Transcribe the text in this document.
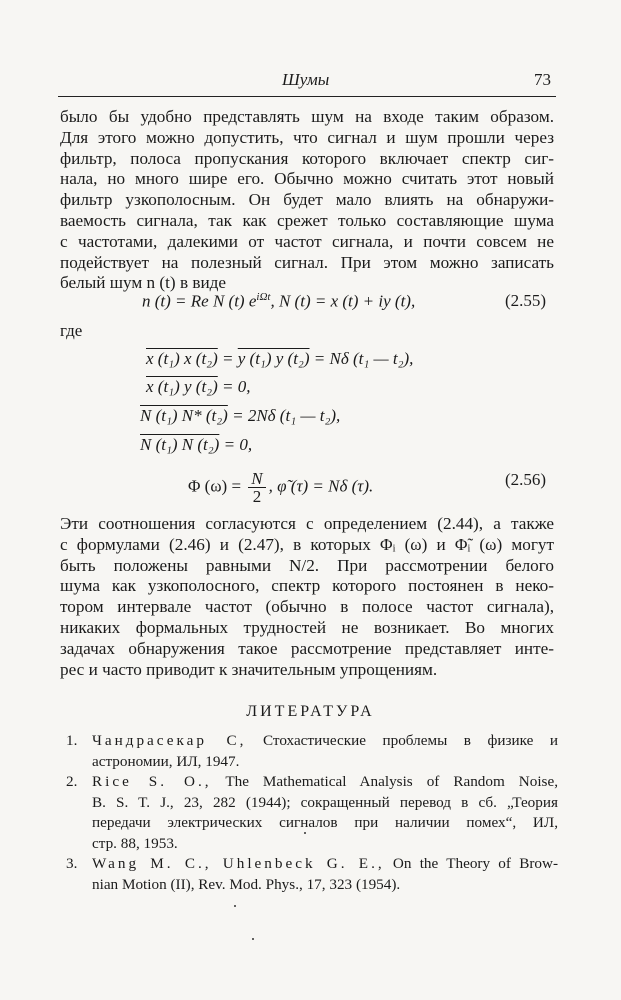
Шумы	73
было бы удобно представлять шум на входе таким образом.
Для этого можно допустить, что сигнал и шум прошли через
фильтр, полоса пропускания которого включает спектр сиг-
нала, но много шире его. Обычно можно считать этот новый
фильтр узкополосным. Он будет мало влиять на обнаружи-
ваемость сигнала, так как срежет только составляющие шума
с частотами, далекими от частот сигнала, и почти совсем не
подействует на полезный сигнал. При этом можно записать
белый шум n (t) в виде
n (t) = Re N (t) $e^{i\Omega t}$, N (t) = x (t) + iy (t),	(2.55)
где
x (t₁) x (t₂) = y (t₁) y (t₂) = Nδ (t₁ — t₂),
x (t₁) y (t₂) = 0,
N (t₁) N* (t₂) = 2Nδ (t₁ — t₂),
N (t₁) N (t₂) = 0,
Φ $(\omega) = \frac{N}{2}$ , φ̃ (τ) = Nδ (τ).	(2.56)
Эти соотношения согласуются с определением (2.44), а также
с формулами (2.46) и (2.47), в которых Φᵢ (ω) и Φ̃ᵢ (ω) могут
быть положены равными N/2. При рассмотрении белого
шума как узкополосного, спектр которого постоянен в неко-
тором интервале частот (обычно в полосе частот сигнала),
никаких формальных трудностей не возникает. Во многих
задачах обнаружения такое рассмотрение представляет инте-
рес и часто приводит к значительным упрощениям.
ЛИТЕРАТУРА
1. Чандрасекар С, Стохастические проблемы в физике и
астрономии, ИЛ, 1947.
2. Rice S. O., The Mathematical Analysis of Random Noise,
B. S. T. J., 23, 282 (1944); сокращенный перевод в сб. „Теория
передачи электрических сигналов при наличии помех“, ИЛ,
стр. 88, 1953.
3. Wang M. C., Uhlenbeck G. E., On the Theory of Brow-
nian Motion (II), Rev. Mod. Phys., 17, 323 (1954).
